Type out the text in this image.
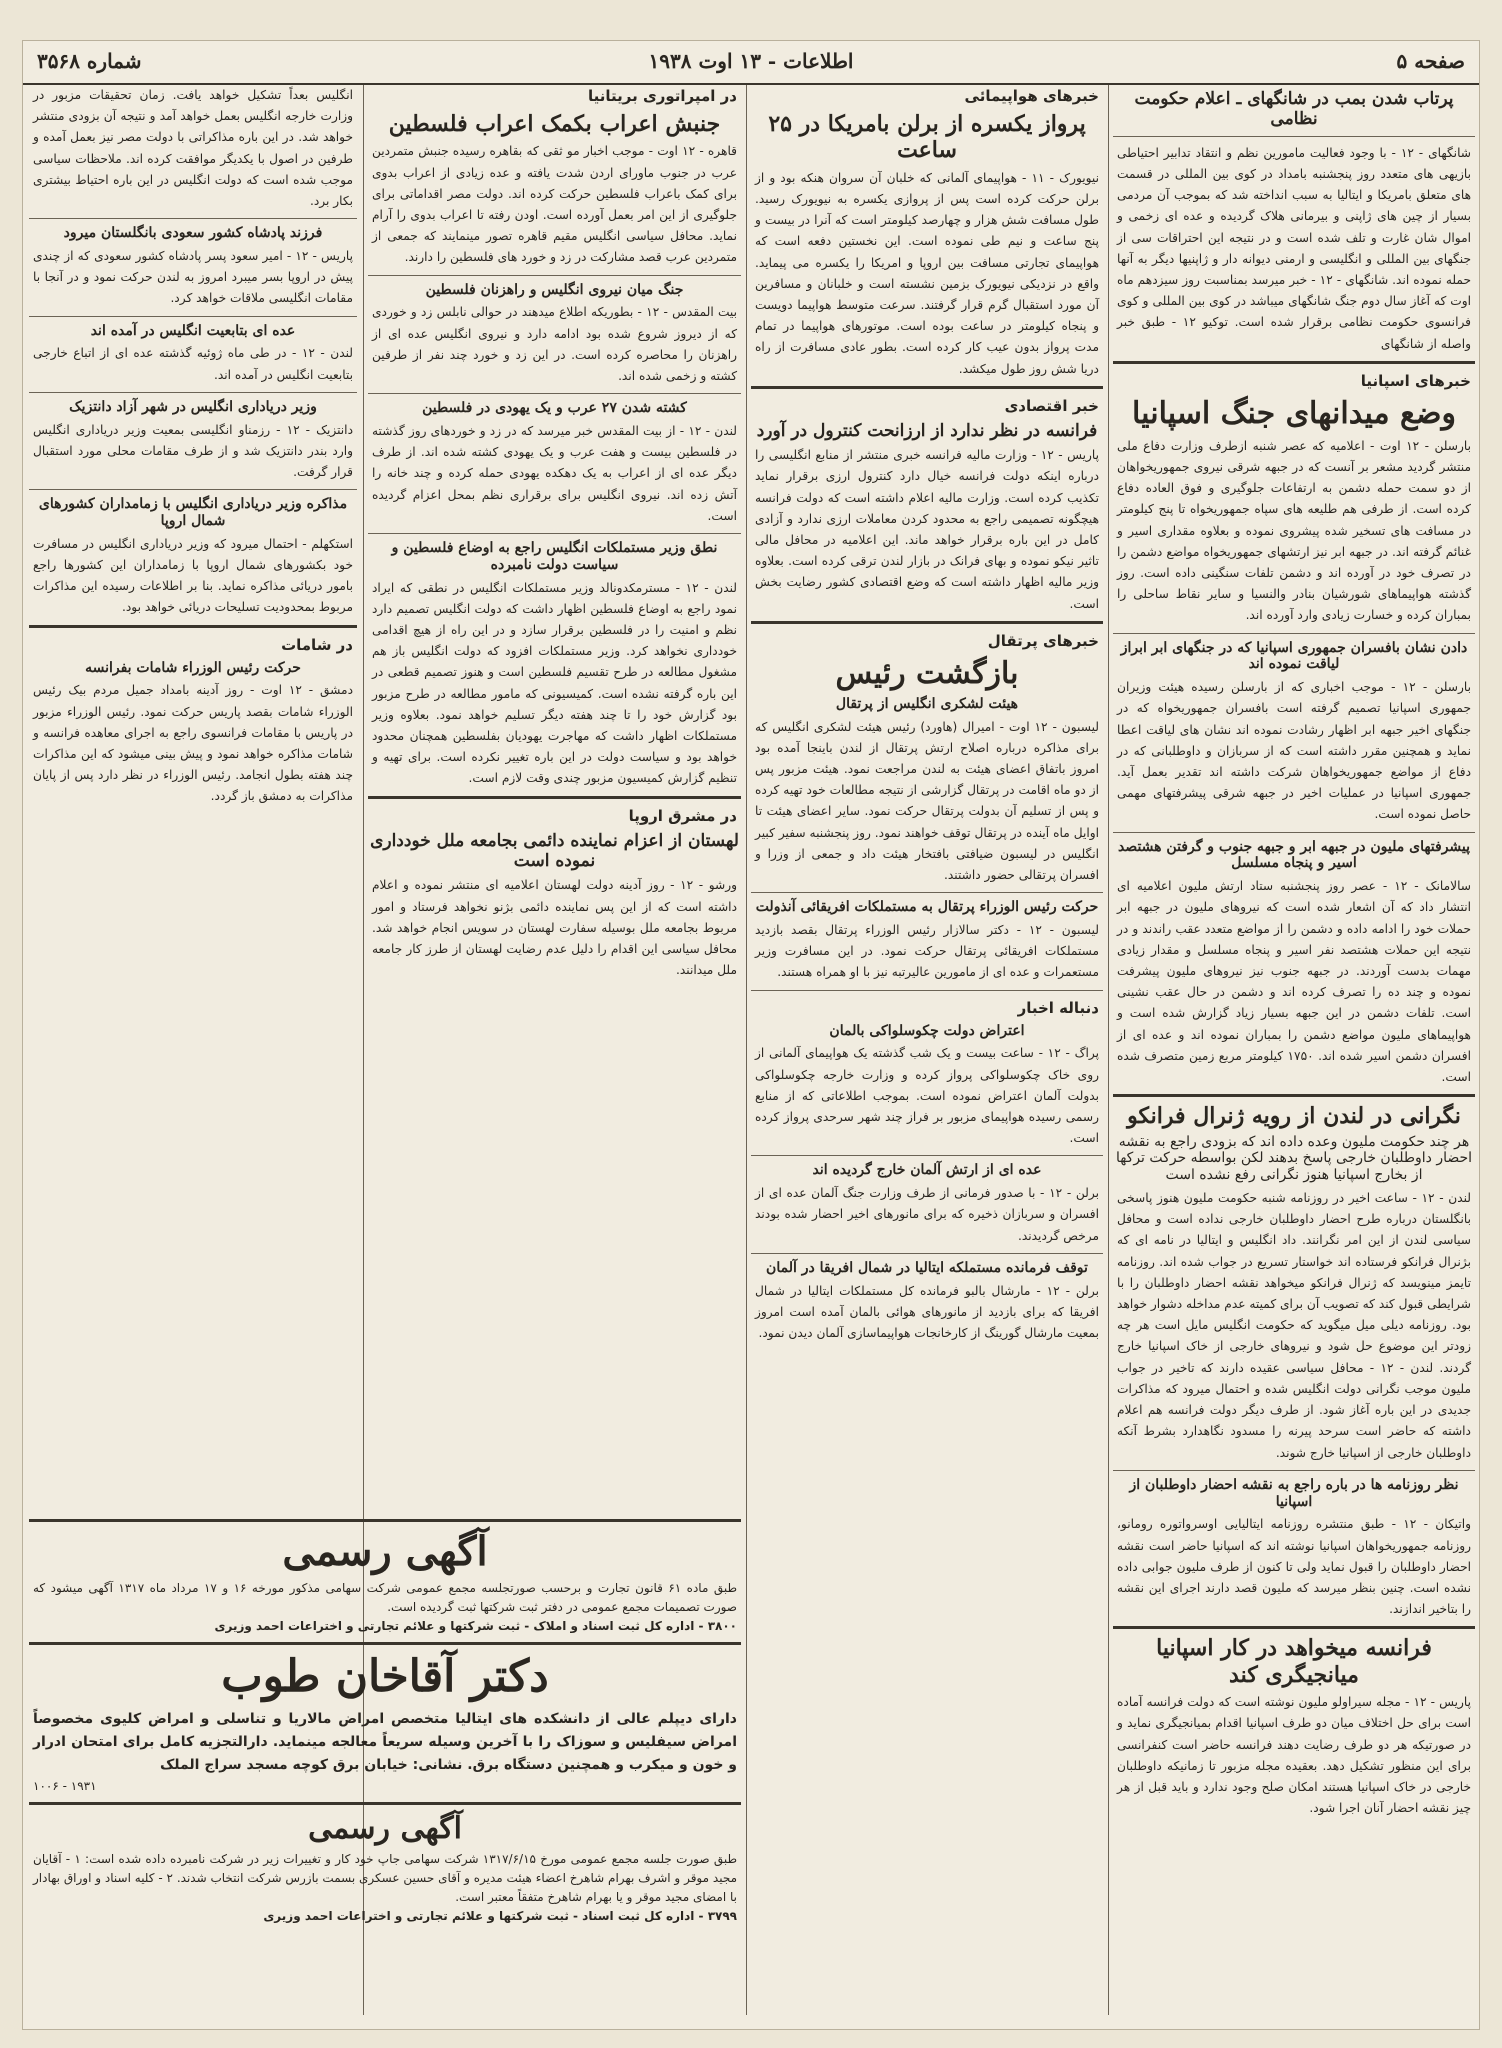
صفحه ۵
اطلاعات - ۱۳ اوت ۱۹۳۸
شماره ۳۵۶۸
پرتاب شدن بمب در شانگهای ـ اعلام حکومت نظامی
شانگهای - ۱۲ - با وجود فعالیت مامورین نظم و انتقاد تدابیر احتیاطی بازیهی های متعدد روز پنجشنبه بامداد در کوی بین المللی در قسمت های متعلق بامریکا و ایتالیا به سبب انداخته شد که بموجب آن مردمی بسیار از چین های ژاپنی و بیرمانی هلاک گردیده و عده ای زخمی و اموال شان غارت و تلف شده است و در نتیجه این احتراقات سی از جنگهای بین المللی و انگلیسی و ارمنی دیوانه دار و ژاپنیها دیگر به آنها حمله نموده اند. شانگهای - ۱۲ - خبر میرسد بمناسبت روز سیزدهم ماه اوت که آغاز سال دوم جنگ شانگهای میباشد در کوی بین المللی و کوی فرانسوی حکومت نظامی برقرار شده است. توکیو ۱۲ - طبق خبر واصله از شانگهای
خبرهای اسپانیا
وضع میدانهای جنگ اسپانیا
بارسلن - ۱۲ اوت - اعلامیه که عصر شنبه ازطرف وزارت دفاع ملی منتشر گردید مشعر بر آنست که در جبهه شرقی نیروی جمهوریخواهان از دو سمت حمله دشمن به ارتفاعات جلوگیری و فوق العاده دفاع کرده است. از طرفی هم طلیعه های سپاه جمهوریخواه تا پنج کیلومتر در مسافت های تسخیر شده پیشروی نموده و بعلاوه مقداری اسیر و غنائم گرفته اند. در جبهه ابر نیز ارتشهای جمهوریخواه مواضع دشمن را در تصرف خود در آورده اند و دشمن تلفات سنگینی داده است. روز گذشته هواپیماهای شورشیان بنادر والنسیا و سایر نقاط ساحلی را بمباران کرده و خسارت زیادی وارد آورده اند.
دادن نشان بافسران جمهوری اسپانیا که در جنگهای ابر ابراز لیاقت نموده اند
بارسلن - ۱۲ - موجب اخباری که از بارسلن رسیده هیئت وزیران جمهوری اسپانیا تصمیم گرفته است بافسران جمهوریخواه که در جنگهای اخیر جبهه ابر اظهار رشادت نموده اند نشان های لیاقت اعطا نماید و همچنین مقرر داشته است که از سربازان و داوطلبانی که در دفاع از مواضع جمهوریخواهان شرکت داشته اند تقدیر بعمل آید. جمهوری اسپانیا در عملیات اخیر در جبهه شرقی پیشرفتهای مهمی حاصل نموده است.
پیشرفتهای ملیون در جبهه ابر و جبهه جنوب و گرفتن هشتصد اسیر و پنجاه مسلسل
سالامانک - ۱۲ - عصر روز پنجشنبه ستاد ارتش ملیون اعلامیه ای انتشار داد که آن اشعار شده است که نیروهای ملیون در جبهه ابر حملات خود را ادامه داده و دشمن را از مواضع متعدد عقب راندند و در نتیجه این حملات هشتصد نفر اسیر و پنجاه مسلسل و مقدار زیادی مهمات بدست آوردند. در جبهه جنوب نیز نیروهای ملیون پیشرفت نموده و چند ده را تصرف کرده اند و دشمن در حال عقب نشینی است. تلفات دشمن در این جبهه بسیار زیاد گزارش شده است و هواپیماهای ملیون مواضع دشمن را بمباران نموده اند و عده ای از افسران دشمن اسیر شده اند. ۱۷۵۰ کیلومتر مربع زمین متصرف شده است.
نگرانی در لندن از رویه ژنرال فرانکو
هر چند حکومت ملیون وعده داده اند که بزودی راجع به نقشه احضار داوطلبان خارجی پاسخ بدهند لکن بواسطه حرکت ترکها از بخارج اسپانیا هنوز نگرانی رفع نشده است
لندن - ۱۲ - ساعت اخیر در روزنامه شنبه حکومت ملیون هنوز پاسخی بانگلستان درباره طرح احضار داوطلبان خارجی نداده است و محافل سیاسی لندن از این امر نگرانند. داد انگلیس و ایتالیا در نامه ای که بژنرال فرانکو فرستاده اند خواستار تسریع در جواب شده اند. روزنامه تایمز مینویسد که ژنرال فرانکو میخواهد نقشه احضار داوطلبان را با شرایطی قبول کند که تصویب آن برای کمیته عدم مداخله دشوار خواهد بود. روزنامه دیلی میل میگوید که حکومت انگلیس مایل است هر چه زودتر این موضوع حل شود و نیروهای خارجی از خاک اسپانیا خارج گردند. لندن - ۱۲ - محافل سیاسی عقیده دارند که تاخیر در جواب ملیون موجب نگرانی دولت انگلیس شده و احتمال میرود که مذاکرات جدیدی در این باره آغاز شود. از طرف دیگر دولت فرانسه هم اعلام داشته که حاضر است سرحد پیرنه را مسدود نگاهدارد بشرط آنکه داوطلبان خارجی از اسپانیا خارج شوند.
نظر روزنامه ها در باره راجع به نقشه احضار داوطلبان از اسپانیا
واتیکان - ۱۲ - طبق منتشره روزنامه ایتالیایی اوسرواتوره رومانو، روزنامه جمهوریخواهان اسپانیا نوشته اند که اسپانیا حاضر است نقشه احضار داوطلبان را قبول نماید ولی تا کنون از طرف ملیون جوابی داده نشده است. چنین بنظر میرسد که ملیون قصد دارند اجرای این نقشه را بتاخیر اندازند.
فرانسه میخواهد در کار اسپانیا میانجیگری کند
پاریس - ۱۲ - مجله سیراولو ملیون نوشته است که دولت فرانسه آماده است برای حل اختلاف میان دو طرف اسپانیا اقدام بمیانجیگری نماید و در صورتیکه هر دو طرف رضایت دهند فرانسه حاضر است کنفرانسی برای این منظور تشکیل دهد. بعقیده مجله مزبور تا زمانیکه داوطلبان خارجی در خاک اسپانیا هستند امکان صلح وجود ندارد و باید قبل از هر چیز نقشه احضار آنان اجرا شود.
خبرهای هواپیمائی
پرواز یکسره از برلن بامریکا در ۲۵ ساعت
نیویورک - ۱۱ - هواپیمای آلمانی که خلبان آن سروان هنکه بود و از برلن حرکت کرده است پس از پروازی یکسره به نیویورک رسید. طول مسافت شش هزار و چهارصد کیلومتر است که آنرا در بیست و پنج ساعت و نیم طی نموده است. این نخستین دفعه است که هواپیمای تجارتی مسافت بین اروپا و امریکا را یکسره می پیماید. واقع در نزدیکی نیویورک بزمین نشسته است و خلبانان و مسافرین آن مورد استقبال گرم قرار گرفتند. سرعت متوسط هواپیما دویست و پنجاه کیلومتر در ساعت بوده است. موتورهای هواپیما در تمام مدت پرواز بدون عیب کار کرده است. بطور عادی مسافرت از راه دریا شش روز طول میکشد.
خبر اقتصادی
فرانسه در نظر ندارد از ارزانحت کنترول در آورد
پاریس - ۱۲ - وزارت مالیه فرانسه خبری منتشر از منابع انگلیسی را درباره اینکه دولت فرانسه خیال دارد کنترول ارزی برقرار نماید تکذیب کرده است. وزارت مالیه اعلام داشته است که دولت فرانسه هیچگونه تصمیمی راجع به محدود کردن معاملات ارزی ندارد و آزادی کامل در این باره برقرار خواهد ماند. این اعلامیه در محافل مالی تاثیر نیکو نموده و بهای فرانک در بازار لندن ترقی کرده است. بعلاوه وزیر مالیه اظهار داشته است که وضع اقتصادی کشور رضایت بخش است.
خبرهای پرتقال
بازگشت رئیس
هیئت لشکری انگلیس از پرتقال
لیسبون - ۱۲ اوت - امیرال (هاورد) رئیس هیئت لشکری انگلیس که برای مذاکره درباره اصلاح ارتش پرتقال از لندن باینجا آمده بود امروز باتفاق اعضای هیئت به لندن مراجعت نمود. هیئت مزبور پس از دو ماه اقامت در پرتقال گزارشی از نتیجه مطالعات خود تهیه کرده و پس از تسلیم آن بدولت پرتقال حرکت نمود. سایر اعضای هیئت تا اوایل ماه آینده در پرتقال توقف خواهند نمود. روز پنجشنبه سفیر کبیر انگلیس در لیسبون ضیافتی بافتخار هیئت داد و جمعی از وزرا و افسران پرتقالی حضور داشتند.
حرکت رئیس الوزراء پرتقال به مستملکات افریقائی آنذولت
لیسبون - ۱۲ - دکتر سالازار رئیس الوزراء پرتقال بقصد بازدید مستملکات افریقائی پرتقال حرکت نمود. در این مسافرت وزیر مستعمرات و عده ای از مامورین عالیرتبه نیز با او همراه هستند.
دنباله اخبار
اعتراض دولت چکوسلواکی بالمان
پراگ - ۱۲ - ساعت بیست و یک شب گذشته یک هواپیمای آلمانی از روی خاک چکوسلواکی پرواز کرده و وزارت خارجه چکوسلواکی بدولت آلمان اعتراض نموده است. بموجب اطلاعاتی که از منابع رسمی رسیده هواپیمای مزبور بر فراز چند شهر سرحدی پرواز کرده است.
عده ای از ارتش آلمان خارج گردیده اند
برلن - ۱۲ - با صدور فرمانی از طرف وزارت جنگ آلمان عده ای از افسران و سربازان ذخیره که برای مانورهای اخیر احضار شده بودند مرخص گردیدند.
توقف فرمانده مستملکه ایتالیا در شمال افریقا در آلمان
برلن - ۱۲ - مارشال بالبو فرمانده کل مستملکات ایتالیا در شمال افریقا که برای بازدید از مانورهای هوائی بالمان آمده است امروز بمعیت مارشال گورینگ از کارخانجات هواپیماسازی آلمان دیدن نمود.
در امپراتوری بریتانیا
جنبش اعراب بکمک اعراب فلسطین
قاهره - ۱۲ اوت - موجب اخبار مو ثقی که بقاهره رسیده جنبش متمردین عرب در جنوب ماورای اردن شدت یافته و عده زیادی از اعراب بدوی برای کمک باعراب فلسطین حرکت کرده اند. دولت مصر اقداماتی برای جلوگیری از این امر بعمل آورده است. اودن رفته تا اعراب بدوی را آرام نماید. محافل سیاسی انگلیس مقیم قاهره تصور مینمایند که جمعی از متمردین عرب قصد مشارکت در زد و خورد های فلسطین را دارند.
جنگ میان نیروی انگلیس و راهزنان فلسطین
بیت المقدس - ۱۲ - بطوریکه اطلاع میدهند در حوالی نابلس زد و خوردی که از دیروز شروع شده بود ادامه دارد و نیروی انگلیس عده ای از راهزنان را محاصره کرده است. در این زد و خورد چند نفر از طرفین کشته و زخمی شده اند.
کشته شدن ۲۷ عرب و یک یهودی در فلسطین
لندن - ۱۲ - از بیت المقدس خبر میرسد که در زد و خوردهای روز گذشته در فلسطین بیست و هفت عرب و یک یهودی کشته شده اند. از طرف دیگر عده ای از اعراب به یک دهکده یهودی حمله کرده و چند خانه را آتش زده اند. نیروی انگلیس برای برقراری نظم بمحل اعزام گردیده است.
نطق وزیر مستملکات انگلیس راجع به اوضاع فلسطین و سیاست دولت نامبرده
لندن - ۱۲ - مسترمکدونالد وزیر مستملکات انگلیس در نطقی که ایراد نمود راجع به اوضاع فلسطین اظهار داشت که دولت انگلیس تصمیم دارد نظم و امنیت را در فلسطین برقرار سازد و در این راه از هیچ اقدامی خودداری نخواهد کرد. وزیر مستملکات افزود که دولت انگلیس باز هم مشغول مطالعه در طرح تقسیم فلسطین است و هنوز تصمیم قطعی در این باره گرفته نشده است. کمیسیونی که مامور مطالعه در طرح مزبور بود گزارش خود را تا چند هفته دیگر تسلیم خواهد نمود. بعلاوه وزیر مستملکات اظهار داشت که مهاجرت یهودیان بفلسطین همچنان محدود خواهد بود و سیاست دولت در این باره تغییر نکرده است. برای تهیه و تنظیم گزارش کمیسیون مزبور چندی وقت لازم است.
در مشرق اروپا
لهستان از اعزام نماینده دائمی بجامعه ملل خودداری نموده است
ورشو - ۱۲ - روز آدینه دولت لهستان اعلامیه ای منتشر نموده و اعلام داشته است که از این پس نماینده دائمی بژنو نخواهد فرستاد و امور مربوط بجامعه ملل بوسیله سفارت لهستان در سویس انجام خواهد شد. محافل سیاسی این اقدام را دلیل عدم رضایت لهستان از طرز کار جامعه ملل میدانند.
انگلیس بعداً تشکیل خواهد یافت. زمان تحقیقات مزبور در وزارت خارجه انگلیس بعمل خواهد آمد و نتیجه آن بزودی منتشر خواهد شد. در این باره مذاکراتی با دولت مصر نیز بعمل آمده و طرفین در اصول با یکدیگر موافقت کرده اند. ملاحظات سیاسی موجب شده است که دولت انگلیس در این باره احتیاط بیشتری بکار برد.
فرزند پادشاه کشور سعودی بانگلستان میرود
پاریس - ۱۲ - امیر سعود پسر پادشاه کشور سعودی که از چندی پیش در اروپا بسر میبرد امروز به لندن حرکت نمود و در آنجا با مقامات انگلیسی ملاقات خواهد کرد.
عده ای بتابعیت انگلیس در آمده اند
لندن - ۱۲ - در طی ماه ژوئیه گذشته عده ای از اتباع خارجی بتابعیت انگلیس در آمده اند.
وزیر دریاداری انگلیس در شهر آزاد دانتزیک
دانتزیک - ۱۲ - رزمناو انگلیسی بمعیت وزیر دریاداری انگلیس وارد بندر دانتزیک شد و از طرف مقامات محلی مورد استقبال قرار گرفت.
مذاکره وزیر دریاداری انگلیس با زمامداران کشورهای شمال اروپا
استکهلم - احتمال میرود که وزیر دریاداری انگلیس در مسافرت خود بکشورهای شمال اروپا با زمامداران این کشورها راجع بامور دریائی مذاکره نماید. بنا بر اطلاعات رسیده این مذاکرات مربوط بمحدودیت تسلیحات دریائی خواهد بود.
در شامات
حرکت رئیس الوزراء شامات بفرانسه
دمشق - ۱۲ اوت - روز آدینه بامداد جمیل مردم بیک رئیس الوزراء شامات بقصد پاریس حرکت نمود. رئیس الوزراء مزبور در پاریس با مقامات فرانسوی راجع به اجرای معاهده فرانسه و شامات مذاکره خواهد نمود و پیش بینی میشود که این مذاکرات چند هفته بطول انجامد. رئیس الوزراء در نظر دارد پس از پایان مذاکرات به دمشق باز گردد.
آگهی رسمی
طبق ماده ۶۱ قانون تجارت و برحسب صورتجلسه مجمع عمومی شرکت سهامی مذکور مورخه ۱۶ و ۱۷ مرداد ماه ۱۳۱۷ آگهی میشود که صورت تصمیمات مجمع عمومی در دفتر ثبت شرکتها ثبت گردیده است.
۳۸۰۰ - اداره کل ثبت اسناد و املاک - ثبت شرکتها و علائم تجارتی و اختراعات احمد وزیری
دکتر آقاخان طوب
دارای دیپلم عالی از دانشکده های ایتالیا متخصص امراض مالاریا و تناسلی و امراض کلیوی مخصوصاً امراض سیفلیس و سوزاک را با آخرین وسیله سریعاً معالجه مینماید. دارالتجزیه کامل برای امتحان ادرار و خون و میکرب و همچنین دستگاه برق. نشانی: خیابان برق کوچه مسجد سراج الملک
۱۹۳۱ - ۱۰۰۶
آگهی رسمی
طبق صورت جلسه مجمع عمومی مورخ ۱۳۱۷/۶/۱۵ شرکت سهامی جاپ خود کار و تغییرات زیر در شرکت نامبرده داده شده است: ۱ - آقایان مجید موقر و اشرف بهرام شاهرخ اعضاء هیئت مدیره و آقای حسین عسکری بسمت بازرس شرکت انتخاب شدند. ۲ - کلیه اسناد و اوراق بهادار با امضای مجید موقر و یا بهرام شاهرخ متفقاً معتبر است.
۳۷۹۹ - اداره کل ثبت اسناد - ثبت شرکتها و علائم تجارتی و اختراعات احمد وزیری
